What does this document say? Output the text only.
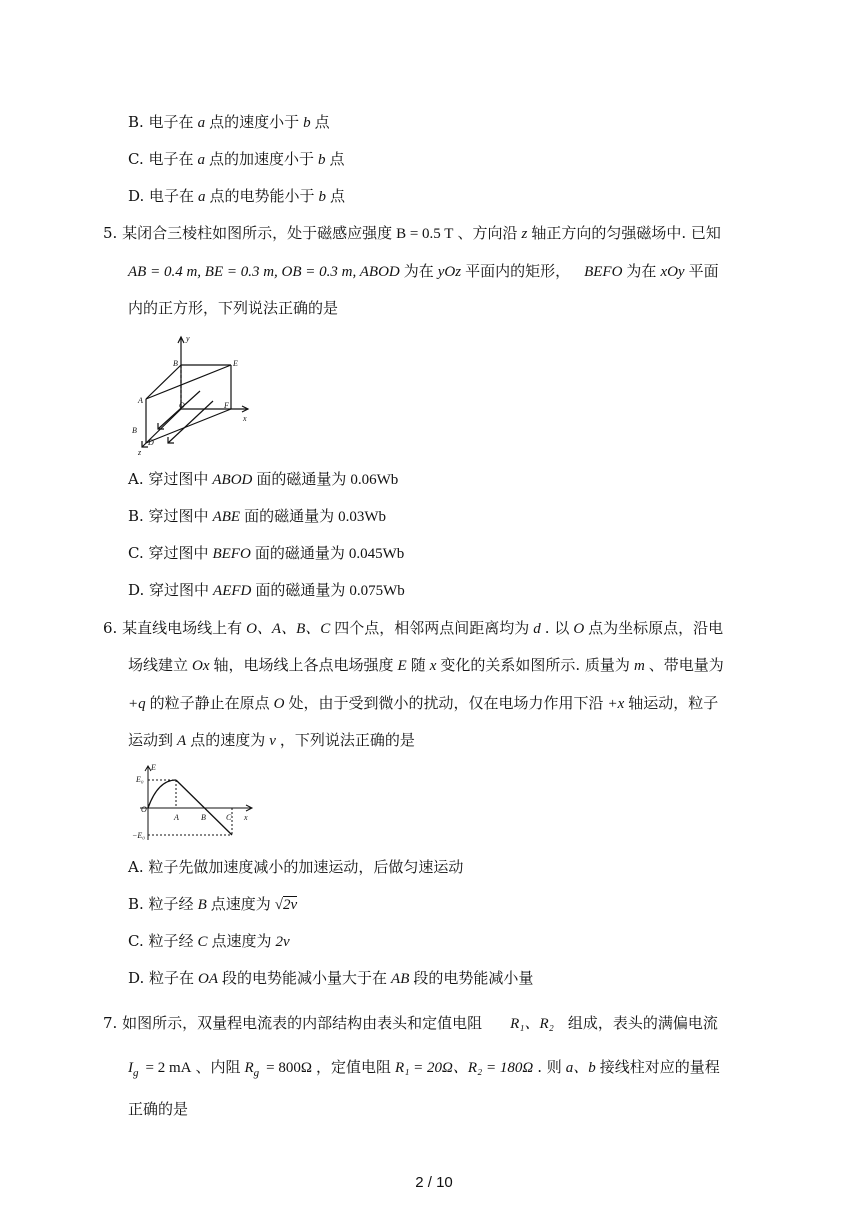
B. 电子在 a 点的速度小于 b 点
C. 电子在 a 点的加速度小于 b 点
D. 电子在 a 点的电势能小于 b 点
5. 某闭合三棱柱如图所示，处于磁感应强度 B = 0.5 T 、方向沿 z 轴正方向的匀强磁场中. 已知
AB = 0.4 m, BE = 0.3 m, OB = 0.3 m, ABOD 为在 yOz 平面内的矩形， BEFO 为在 xOy 平面
内的正方形，下列说法正确的是
y
x
z
B	E
A
O	F
B
D
A. 穿过图中 ABOD 面的磁通量为 0.06Wb
B. 穿过图中 ABE 面的磁通量为 0.03Wb
C. 穿过图中 BEFO 面的磁通量为 0.045Wb
D. 穿过图中 AEFD 面的磁通量为 0.075Wb
6. 某直线电场线上有 O、A、B、C 四个点，相邻两点间距离均为 d . 以 O 点为坐标原点，沿电
场线建立 Ox 轴，电场线上各点电场强度 E 随 x 变化的关系如图所示. 质量为 m 、带电量为
+q 的粒子静止在原点 O 处，由于受到微小的扰动，仅在电场力作用下沿 +x 轴运动，粒子
运动到 A 点的速度为 v ，下列说法正确的是
E
E₀
O
A	B	C x
−E₀
A. 粒子先做加速度减小的加速运动，后做匀速运动
B. 粒子经 B 点速度为 √2v
C. 粒子经 C 点速度为 2v
D. 粒子在 OA 段的电势能减小量大于在 AB 段的电势能减小量
7. 如图所示，双量程电流表的内部结构由表头和定值电阻 R₁、R₂ 组成，表头的满偏电流
$I_g = 2$ mA 、内阻 $R_g = 800\Omega$ ，定值电阻 R₁ = 20Ω、R₂ = 180Ω . 则 a、b 接线柱对应的量程
正确的是
2 / 10
